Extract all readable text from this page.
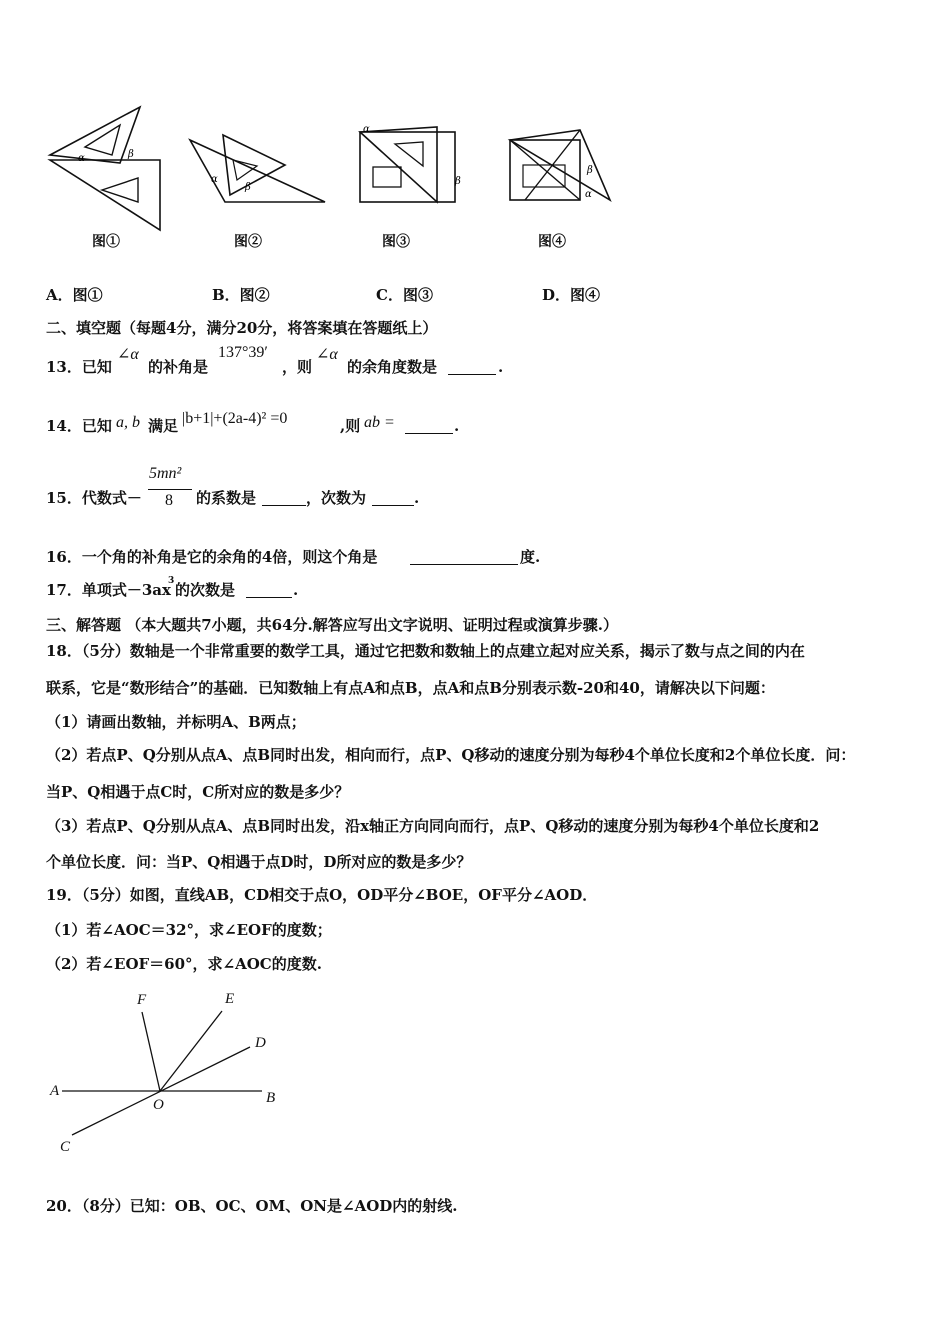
α	β
α
β
α
β
β
α
图①	图②	图③	图④
A．图①	B．图②	C．图③	D．图④
二、填空题（每题4分，满分20分，将答案填在答题纸上）
13．已知
∠α
的补角是
137°39′
，则
∠α
的余角度数是	.
14．已知 a, b 满足 |b+1|+(2a-4)² =0	,则 ab =	.
15．代数式－
5mn²
8 的系数是	，次数为	.
16．一个角的补角是它的余角的4倍，则这个角是	度.
17．单项式－3ax
3 的次数是	.
三、解答题 （本大题共7小题，共64分.解答应写出文字说明、证明过程或演算步骤.）
18．（5分）数轴是一个非常重要的数学工具，通过它把数和数轴上的点建立起对应关系，揭示了数与点之间的内在
联系，它是“数形结合”的基础．已知数轴上有点A和点B，点A和点B分别表示数-20和40，请解决以下问题：
（1）请画出数轴，并标明A、B两点；
（2）若点P、Q分别从点A、点B同时出发，相向而行，点P、Q移动的速度分别为每秒4个单位长度和2个单位长度．问：
当P、Q相遇于点C时，C所对应的数是多少？
（3）若点P、Q分别从点A、点B同时出发，沿x轴正方向同向而行，点P、Q移动的速度分别为每秒4个单位长度和2
个单位长度．问：当P、Q相遇于点D时，D所对应的数是多少？
19．（5分）如图，直线AB，CD相交于点O，OD平分∠BOE，OF平分∠AOD．
（1）若∠AOC＝32°，求∠EOF的度数；
（2）若∠EOF＝60°，求∠AOC的度数.
F	E
D
A
O	B
C
20．（8分）已知：OB、OC、OM、ON是∠AOD内的射线.
